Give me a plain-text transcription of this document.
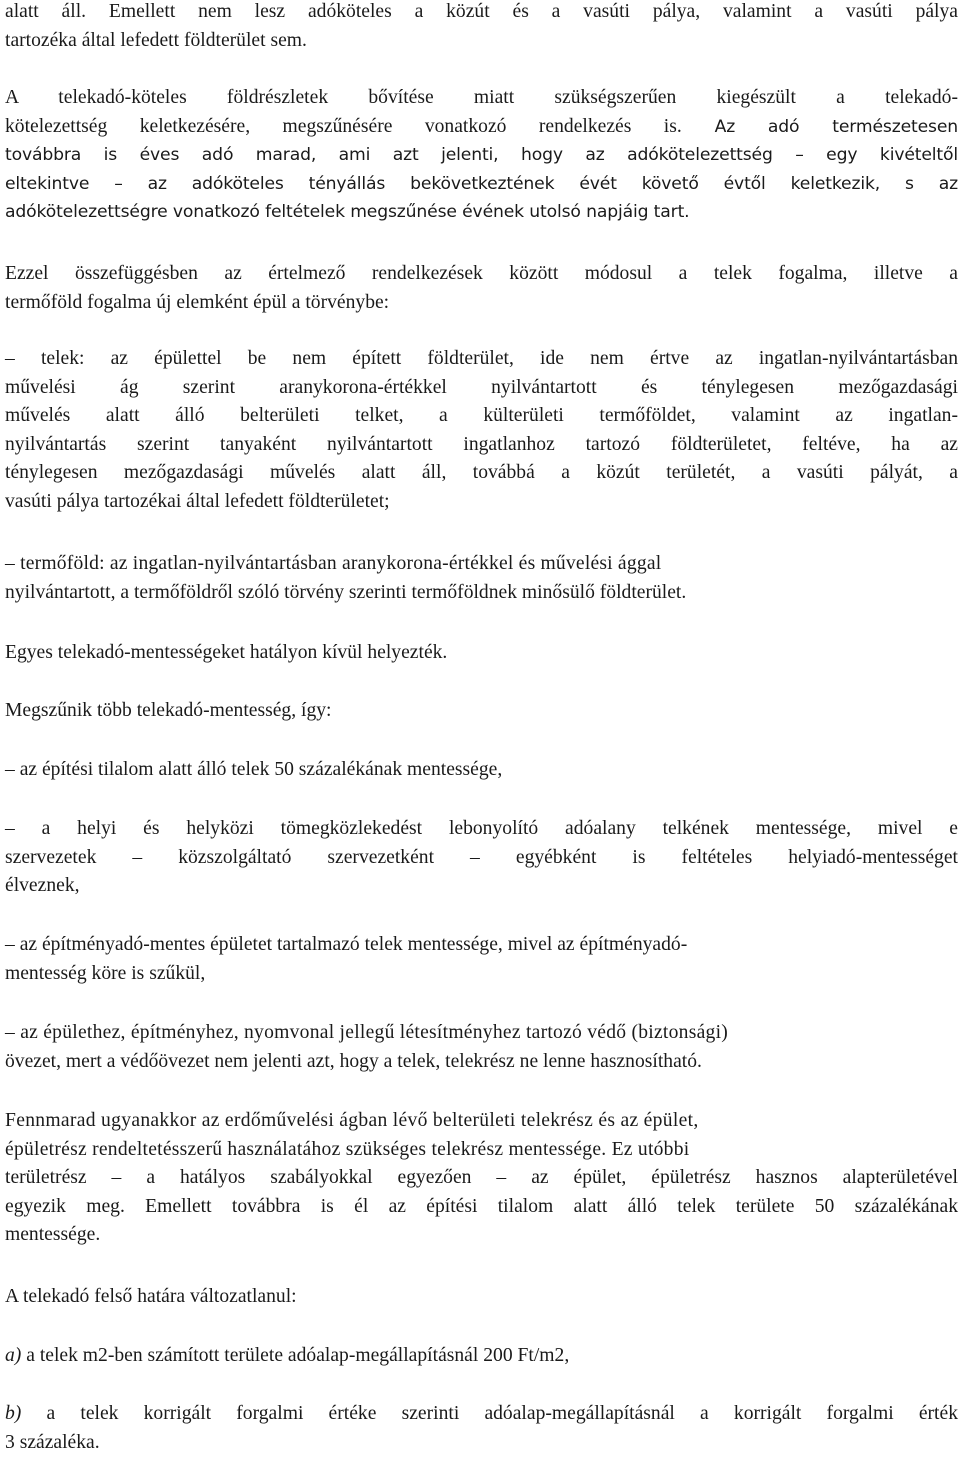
alatt áll. Emellett nem lesz adóköteles a közút és a vasúti pálya, valamint a vasúti pálya
tartozéka által lefedett földterület sem.

A telekadó-köteles földrészletek bővítése miatt szükségszerűen kiegészült a telekadó-
kötelezettség keletkezésére, megszűnésére vonatkozó rendelkezés is. Az adó természetesen
továbbra is éves adó marad, ami azt jelenti, hogy az adókötelezettség – egy kivételtől
eltekintve – az adóköteles tényállás bekövetkeztének évét követő évtől keletkezik, s az
adókötelezettségre vonatkozó feltételek megszűnése évének utolsó napjáig tart.

Ezzel összefüggésben az értelmező rendelkezések között módosul a telek fogalma, illetve a
termőföld fogalma új elemként épül a törvénybe:

– telek: az épülettel be nem épített földterület, ide nem értve az ingatlan-nyilvántartásban
művelési ág szerint aranykorona-értékkel nyilvántartott és ténylegesen mezőgazdasági
művelés alatt álló belterületi telket, a külterületi termőföldet, valamint az ingatlan-
nyilvántartás szerint tanyaként nyilvántartott ingatlanhoz tartozó földterületet, feltéve, ha az
ténylegesen mezőgazdasági művelés alatt áll, továbbá a közút területét, a vasúti pályát, a
vasúti pálya tartozékai által lefedett földterületet;

– termőföld: az ingatlan-nyilvántartásban aranykorona-értékkel és művelési ággal
nyilvántartott, a termőföldről szóló törvény szerinti termőföldnek minősülő földterület.

Egyes telekadó-mentességeket hatályon kívül helyezték.

Megszűnik több telekadó-mentesség, így:

– az építési tilalom alatt álló telek 50 százalékának mentessége,

– a helyi és helyközi tömegközlekedést lebonyolító adóalany telkének mentessége, mivel e
szervezetek – közszolgáltató szervezetként – egyébként is feltételes helyiadó-mentességet
élveznek,

– az építményadó-mentes épületet tartalmazó telek mentessége, mivel az építményadó-
mentesség köre is szűkül,

– az épülethez, építményhez, nyomvonal jellegű létesítményhez tartozó védő (biztonsági)
övezet, mert a védőövezet nem jelenti azt, hogy a telek, telekrész ne lenne hasznosítható.

Fennmarad ugyanakkor az erdőművelési ágban lévő belterületi telekrész és az épület,
épületrész rendeltetésszerű használatához szükséges telekrész mentessége. Ez utóbbi
területrész – a hatályos szabályokkal egyezően – az épület, épületrész hasznos alapterületével
egyezik meg. Emellett továbbra is él az építési tilalom alatt álló telek területe 50 százalékának
mentessége.

A telekadó felső határa változatlanul:

a) a telek m2-ben számított területe adóalap-megállapításnál 200 Ft/m2,

b) a telek korrigált forgalmi értéke szerinti adóalap-megállapításnál a korrigált forgalmi érték
3 százaléka.
